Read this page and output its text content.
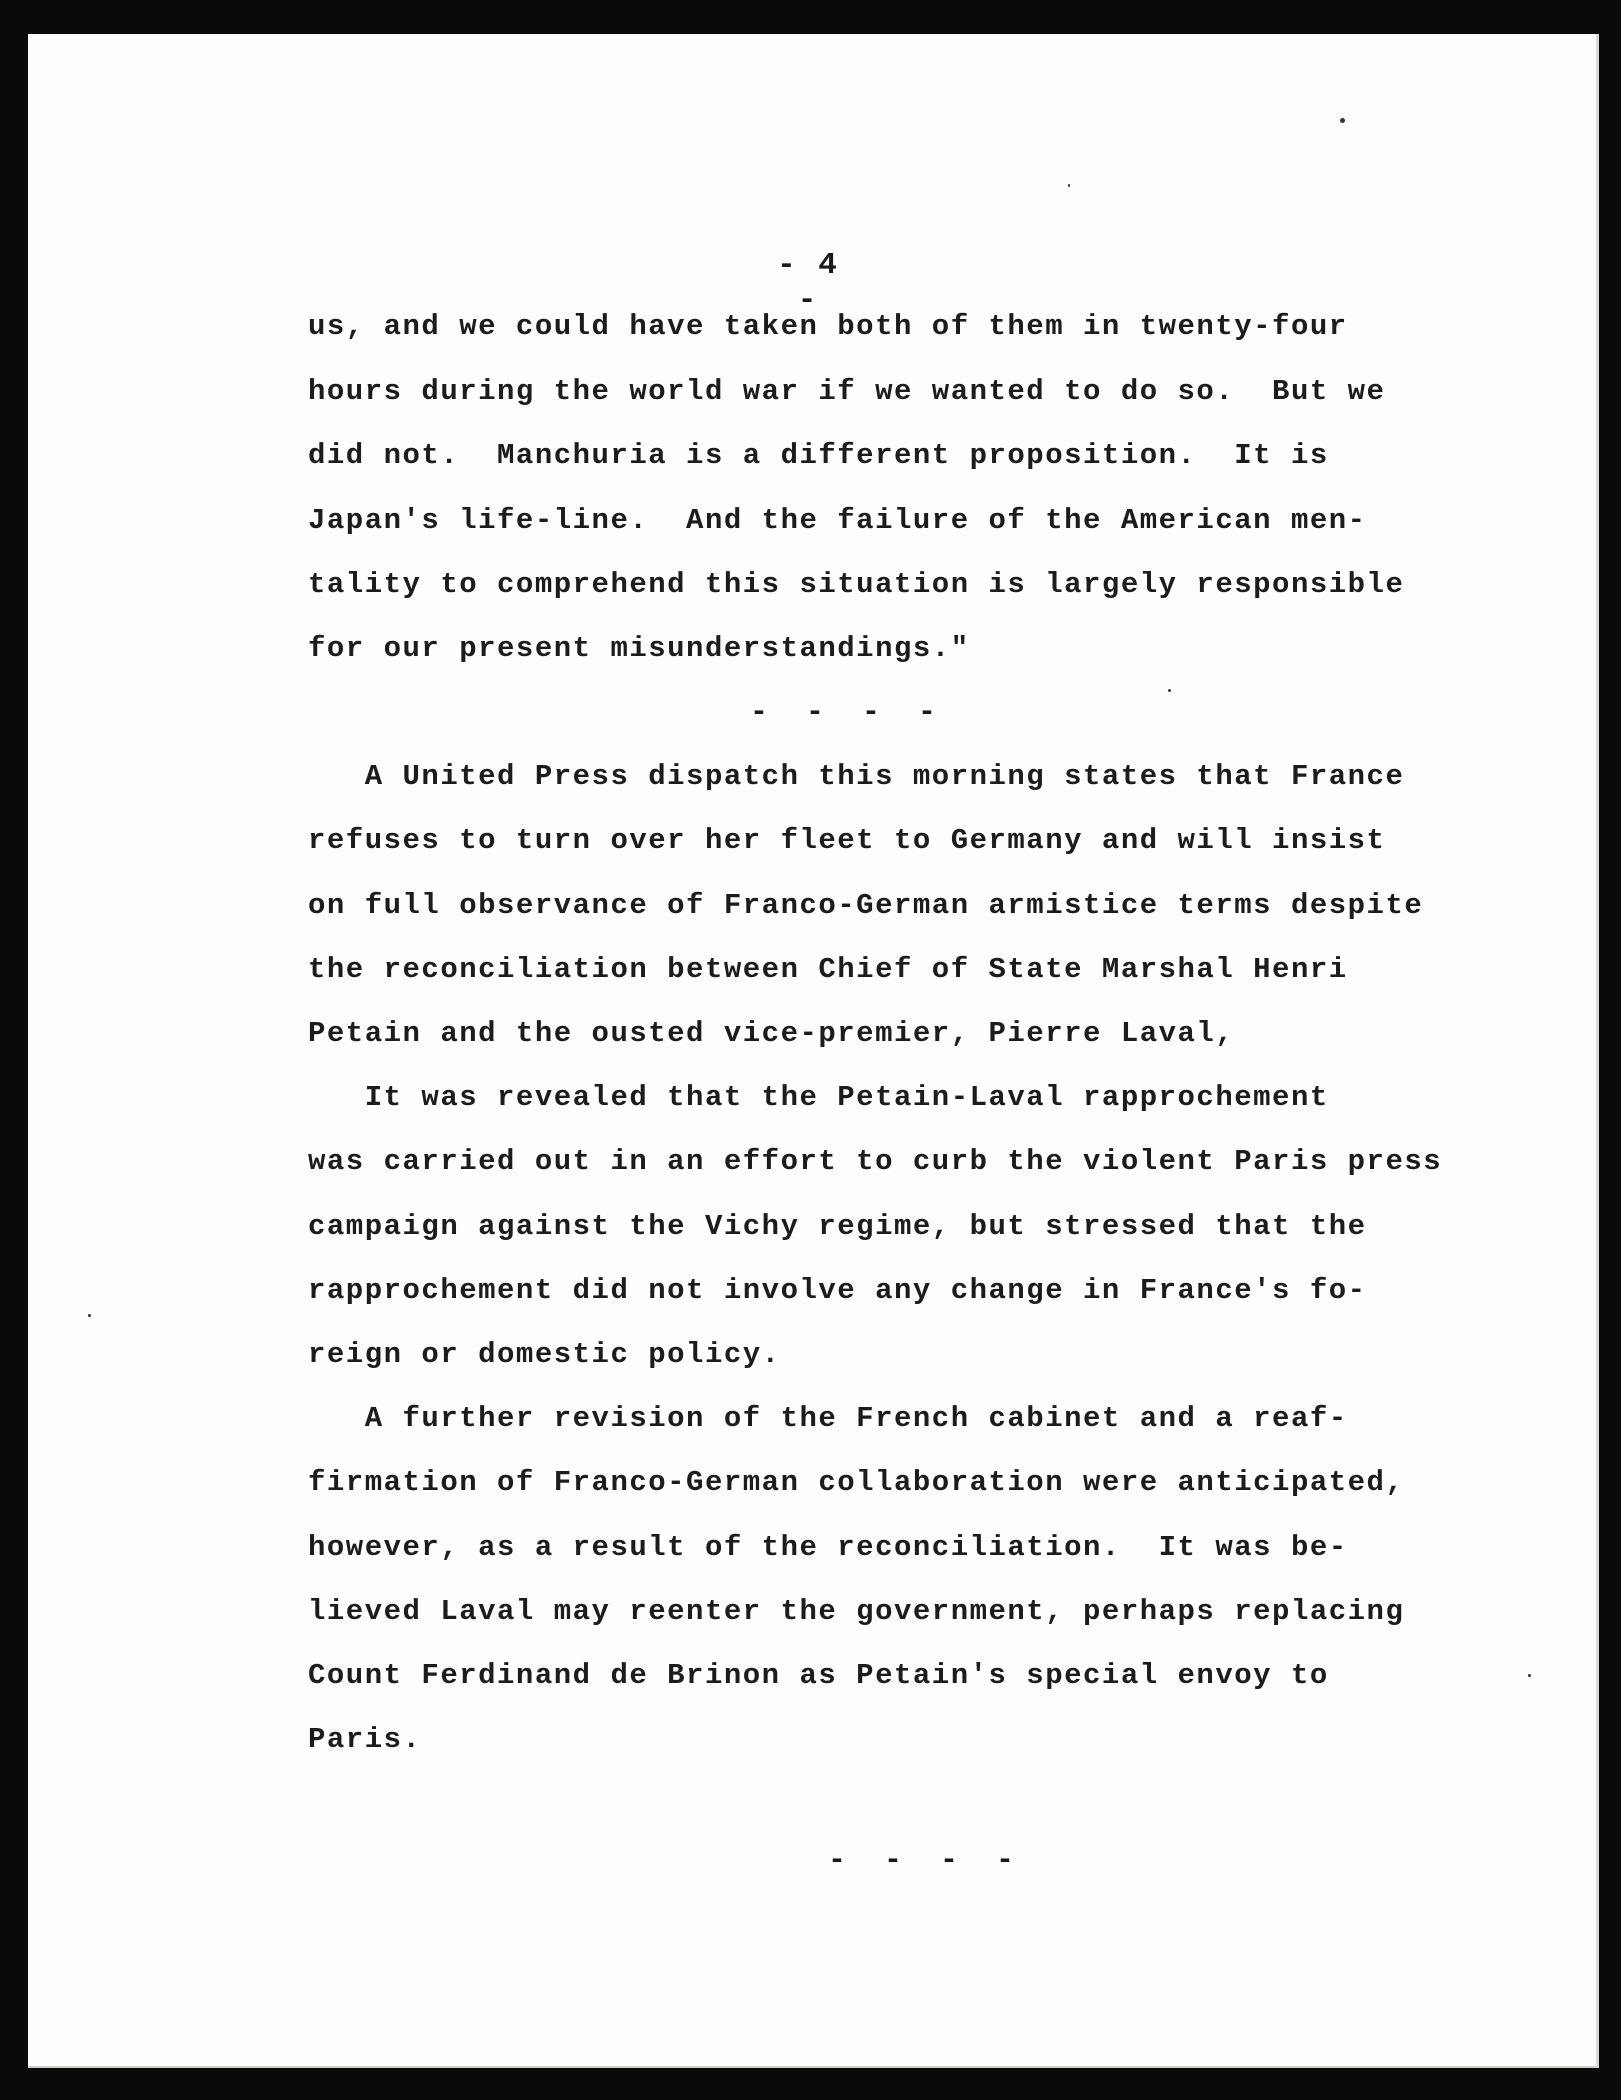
- 4 -
us, and we could have taken both of them in twenty-four
hours during the world war if we wanted to do so.  But we
did not.  Manchuria is a different proposition.  It is
Japan's life-line.  And the failure of the American men-
tality to comprehend this situation is largely responsible
for our present misunderstandings."
- - - -
A United Press dispatch this morning states that France
refuses to turn over her fleet to Germany and will insist
on full observance of Franco-German armistice terms despite
the reconciliation between Chief of State Marshal Henri
Petain and the ousted vice-premier, Pierre Laval,
It was revealed that the Petain-Laval rapprochement
was carried out in an effort to curb the violent Paris press
campaign against the Vichy regime, but stressed that the
rapprochement did not involve any change in France's fo-
reign or domestic policy.
A further revision of the French cabinet and a reaf-
firmation of Franco-German collaboration were anticipated,
however, as a result of the reconciliation.  It was be-
lieved Laval may reenter the government, perhaps replacing
Count Ferdinand de Brinon as Petain's special envoy to
Paris.
- - - -
